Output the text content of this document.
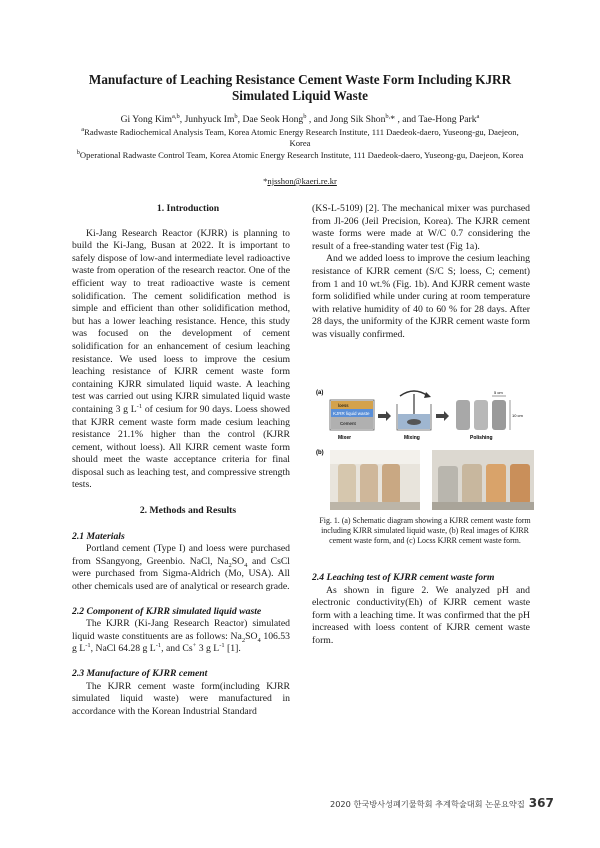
Manufacture of Leaching Resistance Cement Waste Form Including KJRR Simulated Liquid Waste
Gi Yong Kim$^{a,b}$, Junhyuck Im$^b$, Dae Seok Hong$^b$ , and Jong Sik Shon$^{b,}$* , and Tae-Hong Park$^a$
$^a$Radwaste Radiochemical Analysis Team, Korea Atomic Energy Research Institute, 111 Daedeok-daero, Yuseong-gu, Daejeon, Korea
$^b$Operational Radwaste Control Team, Korea Atomic Energy Research Institute, 111 Daedeok-daero, Yuseong-gu, Daejeon, Korea
*njsshon@kaeri.re.kr

1. Introduction

Ki-Jang Research Reactor (KJRR) is planning to build the Ki-Jang, Busan at 2022. It is important to safely dispose of low-and intermediate level radioactive waste from operation of the research reactor. One of the efficient way to treat radioactive waste is cement solidification. The cement solidification method is simple and efficient than other solidification method, but has a lower leaching resistance. Hence, this study was focused on the development of cement solidification for an enhancement of cesium leaching resistance. We used loess to improve the cesium leaching resistance of KJRR cement waste form containing KJRR simulated liquid waste. A leaching test was carried out using KJRR simulated liquid waste containing 3 g $L^{-1}$ of cesium for 90 days. Loess showed that KJRR cement waste form made cesium leaching resistance 21.1% higher than the control (KJRR cement, without loess). All KJRR cement waste form should meet the waste acceptance criteria for final disposal such as leaching test, and compressive strength tests.

2. Methods and Results

2.1 Materials

Portland cement (Type I) and loess were purchased from SSangyong, Greenbio. NaCl, $Na_2SO_4$ and CsCl were purchased from Sigma-Aldrich (Mo, USA). All other chemicals used are of analytical or research grade.

2.2 Component of KJRR simulated liquid waste

The KJRR (Ki-Jang Research Reactor) simulated liquid waste constituents are as follows: $Na_2SO_4$ 106.53 g $L^{-1}$, NaCl 64.28 g $L^{-1}$, and Cs+ 3 g $L^{-1}$ [1].

2.3 Manufacture of KJRR cement

The KJRR cement waste form(including KJRR simulated liquid waste) were manufactured in accordance with the Korean Industrial Standard

(KS-L-5109) [2]. The mechanical mixer was purchased from Jl-206 (Jeil Precision, Korea). The KJRR cement waste forms were made at W/C 0.7 considering the result of a free-standing water test (Fig 1a).

And we added loess to improve the cesium leaching resistance of KJRR cement (S/C S; loess, C; cement) from 1 and 10 wt.% (Fig. 1b). And KJRR cement waste form solidified while under curing at room temperature with relative humidity of 40 to 60 % for 28 days. After 28 days, the uniformity of the KJRR cement waste form was visually confirmed.

(a)
loess
KJRR liquid waste
Cement
Mixer	Mixing
5 cm
10 cm
Polishing
(b)
Fig. 1. (a) Schematic diagram showing a KJRR cement waste form including KJRR simulated liquid waste, (b) Real images of KJRR cement waste form, and (c) Locss KJRR cement waste form.

2.4 Leaching test of KJRR cement waste form

As shown in figure 2. We analyzed pH and electronic conductivity(Eh) of KJRR cement waste form with a leaching time. It was confirmed that the pH increased with loess content of KJRR cement waste form.

2020 한국방사성폐기물학회 추계학술대회 논문요약집 367
